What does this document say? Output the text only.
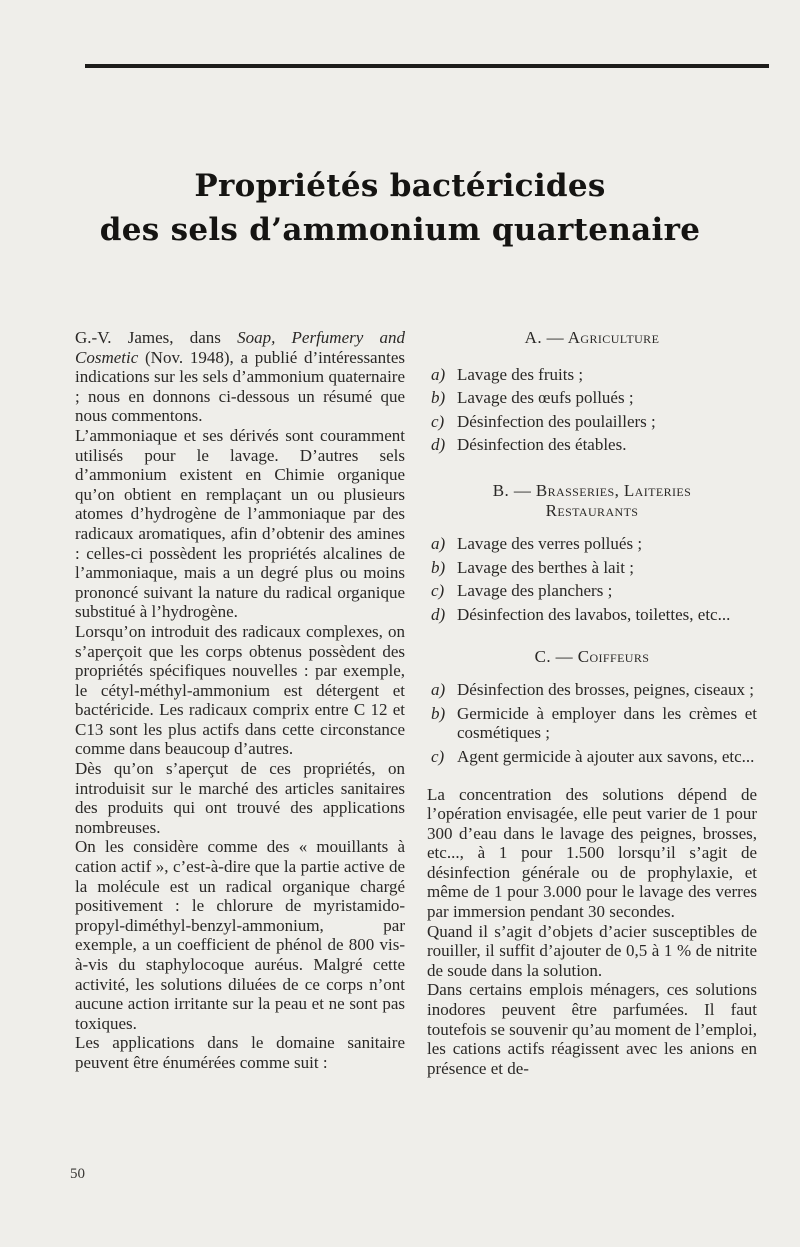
Propriétés bactéricides
des sels d’ammonium quartenaire

G.-V. James, dans Soap, Perfumery and Cosmetic (Nov. 1948), a publié d’intéressantes indications sur les sels d’ammonium quaternaire ; nous en donnons ci-dessous un résumé que nous commentons.

L’ammoniaque et ses dérivés sont couramment utilisés pour le lavage. D’autres sels d’ammonium existent en Chimie organique qu’on obtient en remplaçant un ou plusieurs atomes d’hydrogène de l’ammoniaque par des radicaux aromatiques, afin d’obtenir des amines : celles-ci possèdent les propriétés alcalines de l’ammoniaque, mais a un degré plus ou moins prononcé suivant la nature du radical organique substitué à l’hydrogène.

Lorsqu’on introduit des radicaux complexes, on s’aperçoit que les corps obtenus possèdent des propriétés spécifiques nouvelles : par exemple, le cétyl-méthyl-ammonium est détergent et bactéricide. Les radicaux comprix entre C 12 et C13 sont les plus actifs dans cette circonstance comme dans beaucoup d’autres.

Dès qu’on s’aperçut de ces propriétés, on introduisit sur le marché des articles sanitaires des produits qui ont trouvé des applications nombreuses.

On les considère comme des « mouillants à cation actif », c’est-à-dire que la partie active de la molécule est un radical organique chargé positivement : le chlorure de myristamido-propyl-diméthyl-benzyl-ammonium, par exemple, a un coefficient de phénol de 800 vis-à-vis du staphylocoque auréus. Malgré cette activité, les solutions diluées de ce corps n’ont aucune action irritante sur la peau et ne sont pas toxiques.

Les applications dans le domaine sanitaire peuvent être énumérées comme suit :

A. — Agriculture

a) Lavage des fruits ;
b) Lavage des œufs pollués ;
c) Désinfection des poulaillers ;
d) Désinfection des étables.

B. — Brasseries, Laiteries

Restaurants

a) Lavage des verres pollués ;
b) Lavage des berthes à lait ;
c) Lavage des planchers ;
d) Désinfection des lavabos, toilettes, etc...

C. — Coiffeurs

a) Désinfection des brosses, peignes, ciseaux ;
b) Germicide à employer dans les crèmes et cosmétiques ;
c) Agent germicide à ajouter aux savons, etc...

La concentration des solutions dépend de l’opération envisagée, elle peut varier de 1 pour 300 d’eau dans le lavage des peignes, brosses, etc..., à 1 pour 1.500 lorsqu’il s’agit de désinfection générale ou de prophylaxie, et même de 1 pour 3.000 pour le lavage des verres par immersion pendant 30 secondes.

Quand il s’agit d’objets d’acier susceptibles de rouiller, il suffit d’ajouter de 0,5 à 1 % de nitrite de soude dans la solution.

Dans certains emplois ménagers, ces solutions inodores peuvent être parfumées. Il faut toutefois se souvenir qu’au moment de l’emploi, les cations actifs réagissent avec les anions en présence et de-

50
